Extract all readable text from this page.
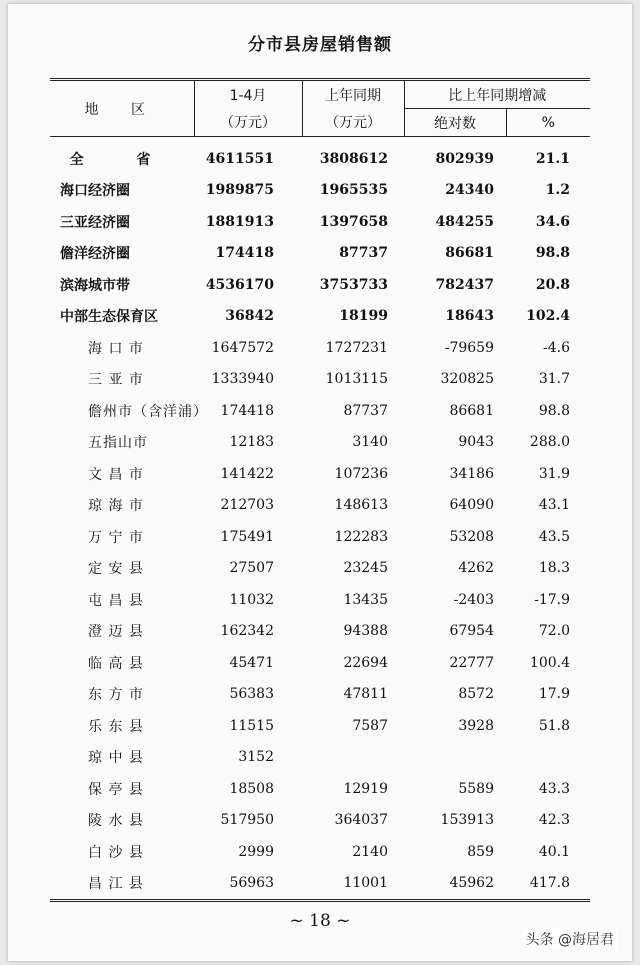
分市县房屋销售额
地 区	1-4月	上年同期	比上年同期增减	
	（万元）	（万元）	绝对数	%
全 省	4611551	3808612	802939	21.1
海口经济圈	1989875	1965535	24340	1.2
三亚经济圈	1881913	1397658	484255	34.6
儋洋经济圈	174418	87737	86681	98.8
滨海城市带	4536170	3753733	782437	20.8
中部生态保育区	36842	18199	18643	102.4
海 口 市	1647572	1727231	-79659	-4.6
三 亚 市	1333940	1013115	320825	31.7
儋州市（含洋浦）	174418	87737	86681	98.8
五指山市	12183	3140	9043	288.0
文 昌 市	141422	107236	34186	31.9
琼 海 市	212703	148613	64090	43.1
万 宁 市	175491	122283	53208	43.5
定 安 县	27507	23245	4262	18.3
屯 昌 县	11032	13435	-2403	-17.9
澄 迈 县	162342	94388	67954	72.0
临 高 县	45471	22694	22777	100.4
东 方 市	56383	47811	8572	17.9
乐 东 县	11515	7587	3928	51.8
琼 中 县	3152			
保 亭 县	18508	12919	5589	43.3
陵 水 县	517950	364037	153913	42.3
白 沙 县	2999	2140	859	40.1
昌 江 县	56963	11001	45962	417.8
~ 18 ~
头条 @海居君
